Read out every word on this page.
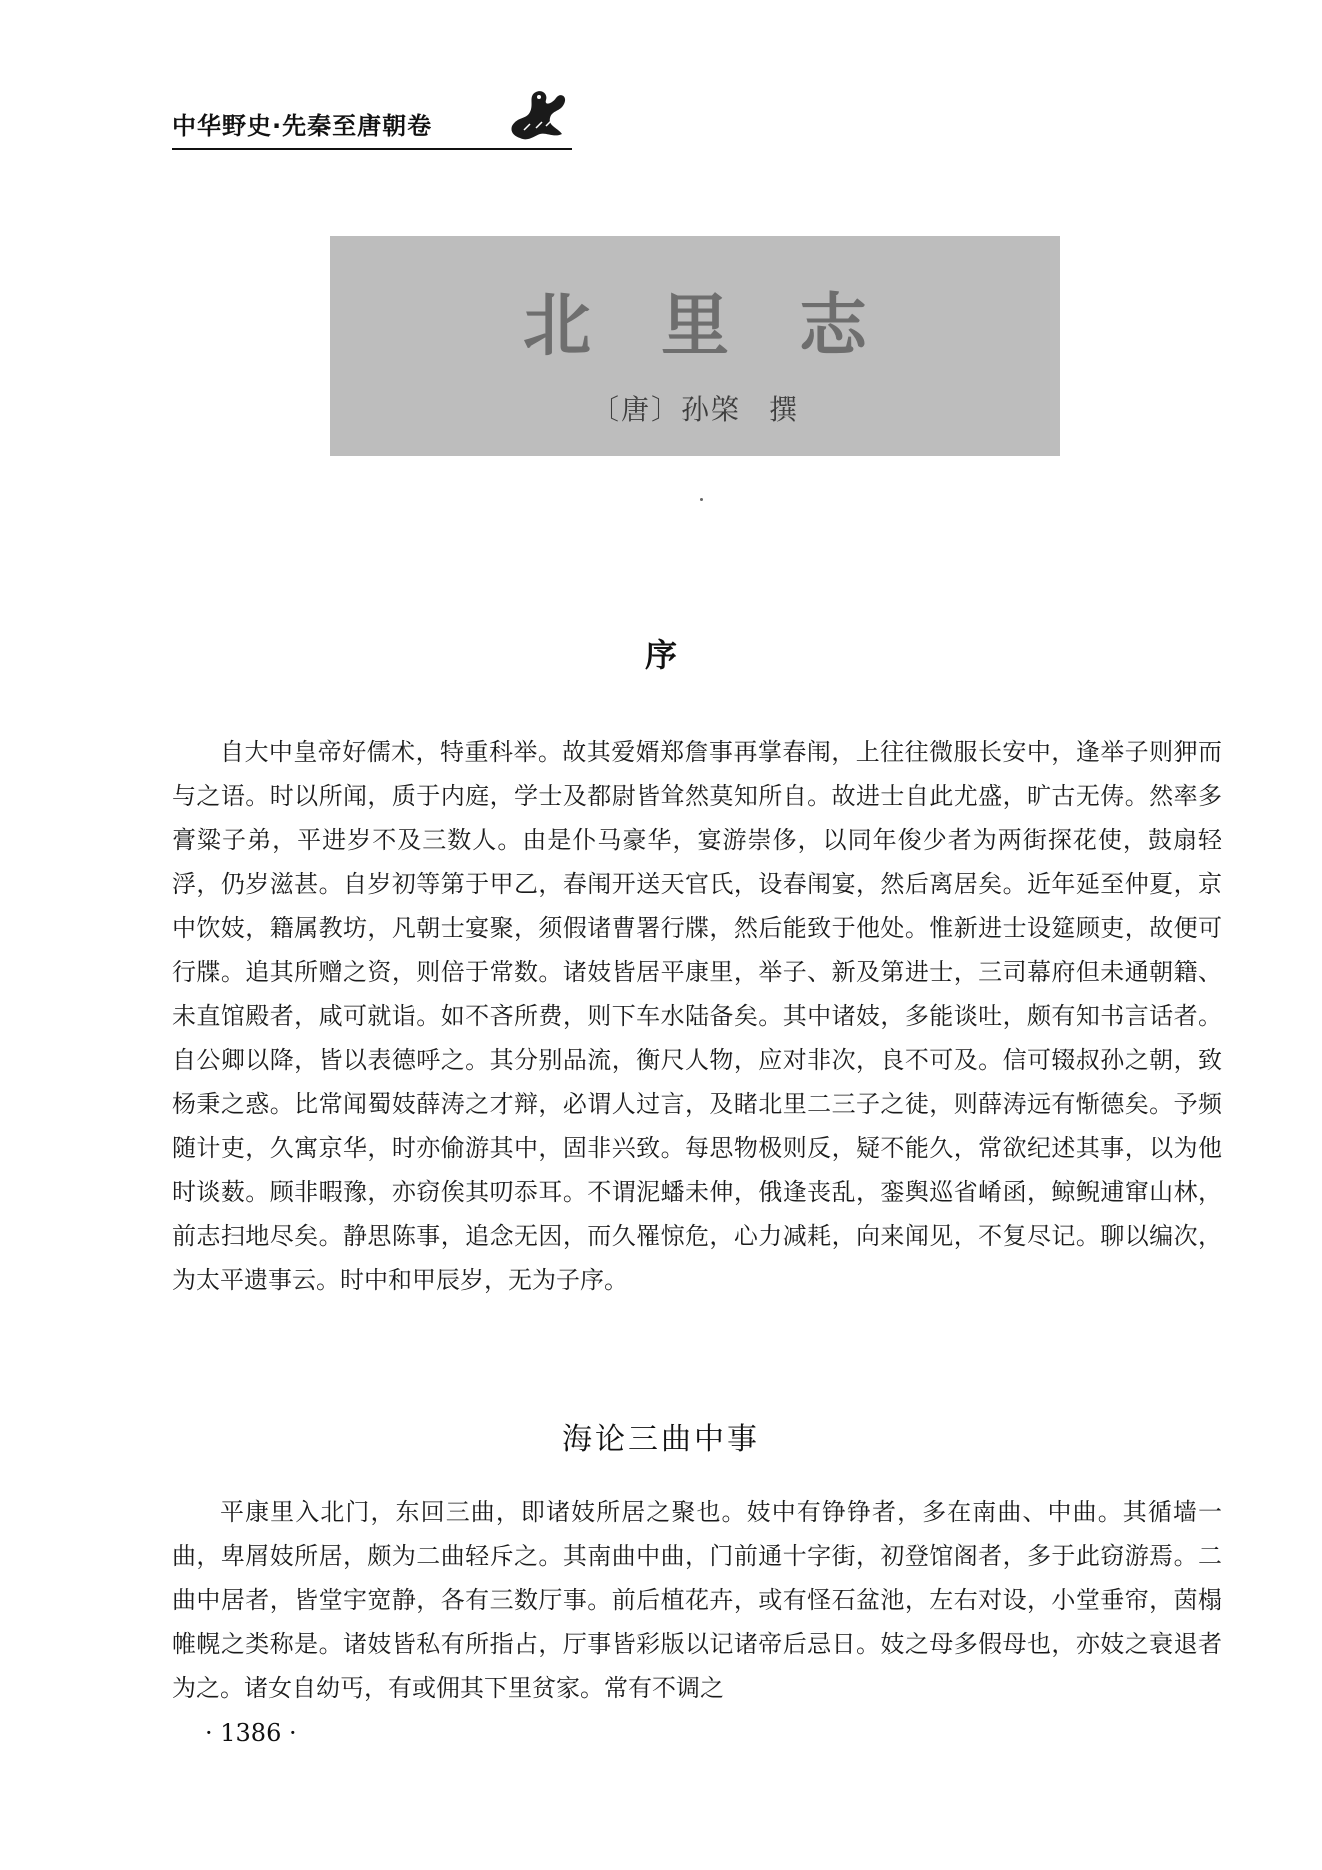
中华野史·先秦至唐朝卷
﻿
北里志
〔唐〕孙棨 撰
序

自大中皇帝好儒术，特重科举。故其爱婿郑詹事再掌春闱，上往往微服长安中，逢举子则狎而与之语。时以所闻，质于内庭，学士及都尉皆耸然莫知所自。故进士自此尤盛，旷古无俦。然率多膏粱子弟，平进岁不及三数人。由是仆马豪华，宴游崇侈，以同年俊少者为两街探花使，鼓扇轻浮，仍岁滋甚。自岁初等第于甲乙，春闱开送天官氏，设春闱宴，然后离居矣。近年延至仲夏，京中饮妓，籍属教坊，凡朝士宴聚，须假诸曹署行牒，然后能致于他处。惟新进士设筵顾吏，故便可行牒。追其所赠之资，则倍于常数。诸妓皆居平康里，举子、新及第进士，三司幕府但未通朝籍、未直馆殿者，咸可就诣。如不吝所费，则下车水陆备矣。其中诸妓，多能谈吐，颇有知书言话者。自公卿以降，皆以表德呼之。其分别品流，衡尺人物，应对非次，良不可及。信可辍叔孙之朝，致杨秉之惑。比常闻蜀妓薛涛之才辩，必谓人过言，及睹北里二三子之徒，则薛涛远有惭德矣。予频随计吏，久寓京华，时亦偷游其中，固非兴致。每思物极则反，疑不能久，常欲纪述其事，以为他时谈薮。顾非暇豫，亦窃俟其叨忝耳。不谓泥蟠未伸，俄逢丧乱，銮舆巡省崤函，鲸鲵逋窜山林，前志扫地尽矣。静思陈事，追念无因，而久罹惊危，心力减耗，向来闻见，不复尽记。聊以编次，为太平遗事云。时中和甲辰岁，无为子序。

海论三曲中事

平康里入北门，东回三曲，即诸妓所居之聚也。妓中有铮铮者，多在南曲、中曲。其循墙一曲，卑屑妓所居，颇为二曲轻斥之。其南曲中曲，门前通十字街，初登馆阁者，多于此窃游焉。二曲中居者，皆堂宇宽静，各有三数厅事。前后植花卉，或有怪石盆池，左右对设，小堂垂帘，茵榻帷幌之类称是。诸妓皆私有所指占，厅事皆彩版以记诸帝后忌日。妓之母多假母也，亦妓之衰退者为之。诸女自幼丐，有或佣其下里贫家。常有不调之

· 1386 ·
